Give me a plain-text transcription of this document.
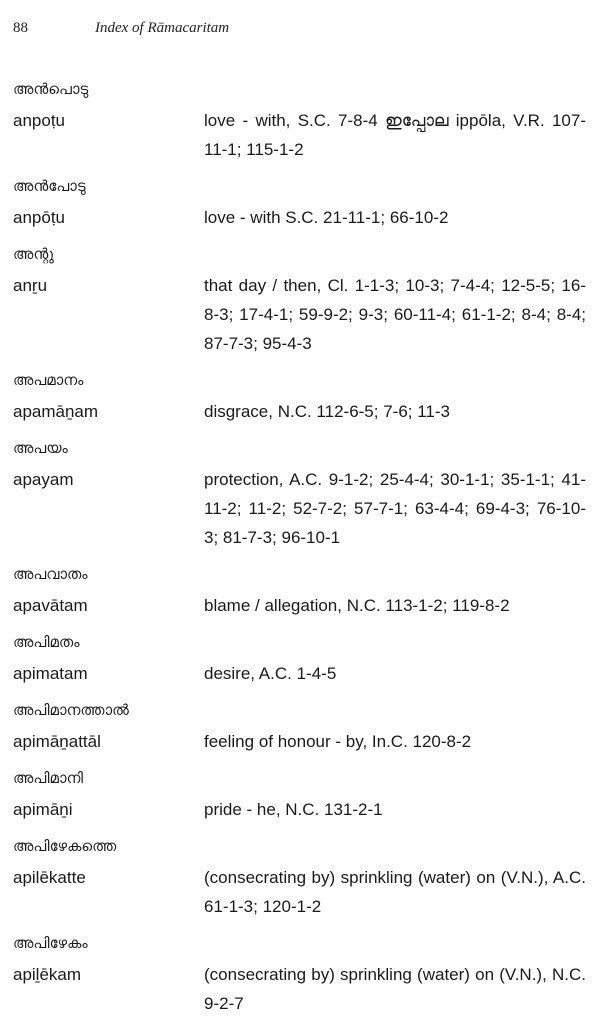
88	Index of Rāmacaritam
അൻപൊടു
anpoṭu	love - with, S.C. 7-8-4 ഇപ്പോല ippōla, V.R. 107-11-1; 115-1-2
അൻപോടു
anpōṭu	love - with S.C. 21-11-1; 66-10-2
അന്റു
anṟu	that day / then, Cl. 1-1-3; 10-3; 7-4-4; 12-5-5; 16-8-3; 17-4-1; 59-9-2; 9-3; 60-11-4; 61-1-2; 8-4; 8-4; 87-7-3; 95-4-3
അപമാനം
apamāṉam	disgrace, N.C. 112-6-5; 7-6; 11-3
അപയം
apayam	protection, A.C. 9-1-2; 25-4-4; 30-1-1; 35-1-1; 41-11-2; 11-2; 52-7-2; 57-7-1; 63-4-4; 69-4-3; 76-10-3; 81-7-3; 96-10-1
അപവാതം
apavātam	blame / allegation, N.C. 113-1-2; 119-8-2
അപിമതം
apimatam	desire, A.C. 1-4-5
അപിമാനത്താൽ
apimāṉattāl	feeling of honour - by, In.C. 120-8-2
അപിമാനി
apimāṉi	pride - he, N.C. 131-2-1
അപിഴേകത്തെ
apilēkatte	(consecrating by) sprinkling (water) on (V.N.), A.C. 61-1-3; 120-1-2
അപിഴേകം
apiḻēkam	(consecrating by) sprinkling (water) on (V.N.), N.C. 9-2-7
